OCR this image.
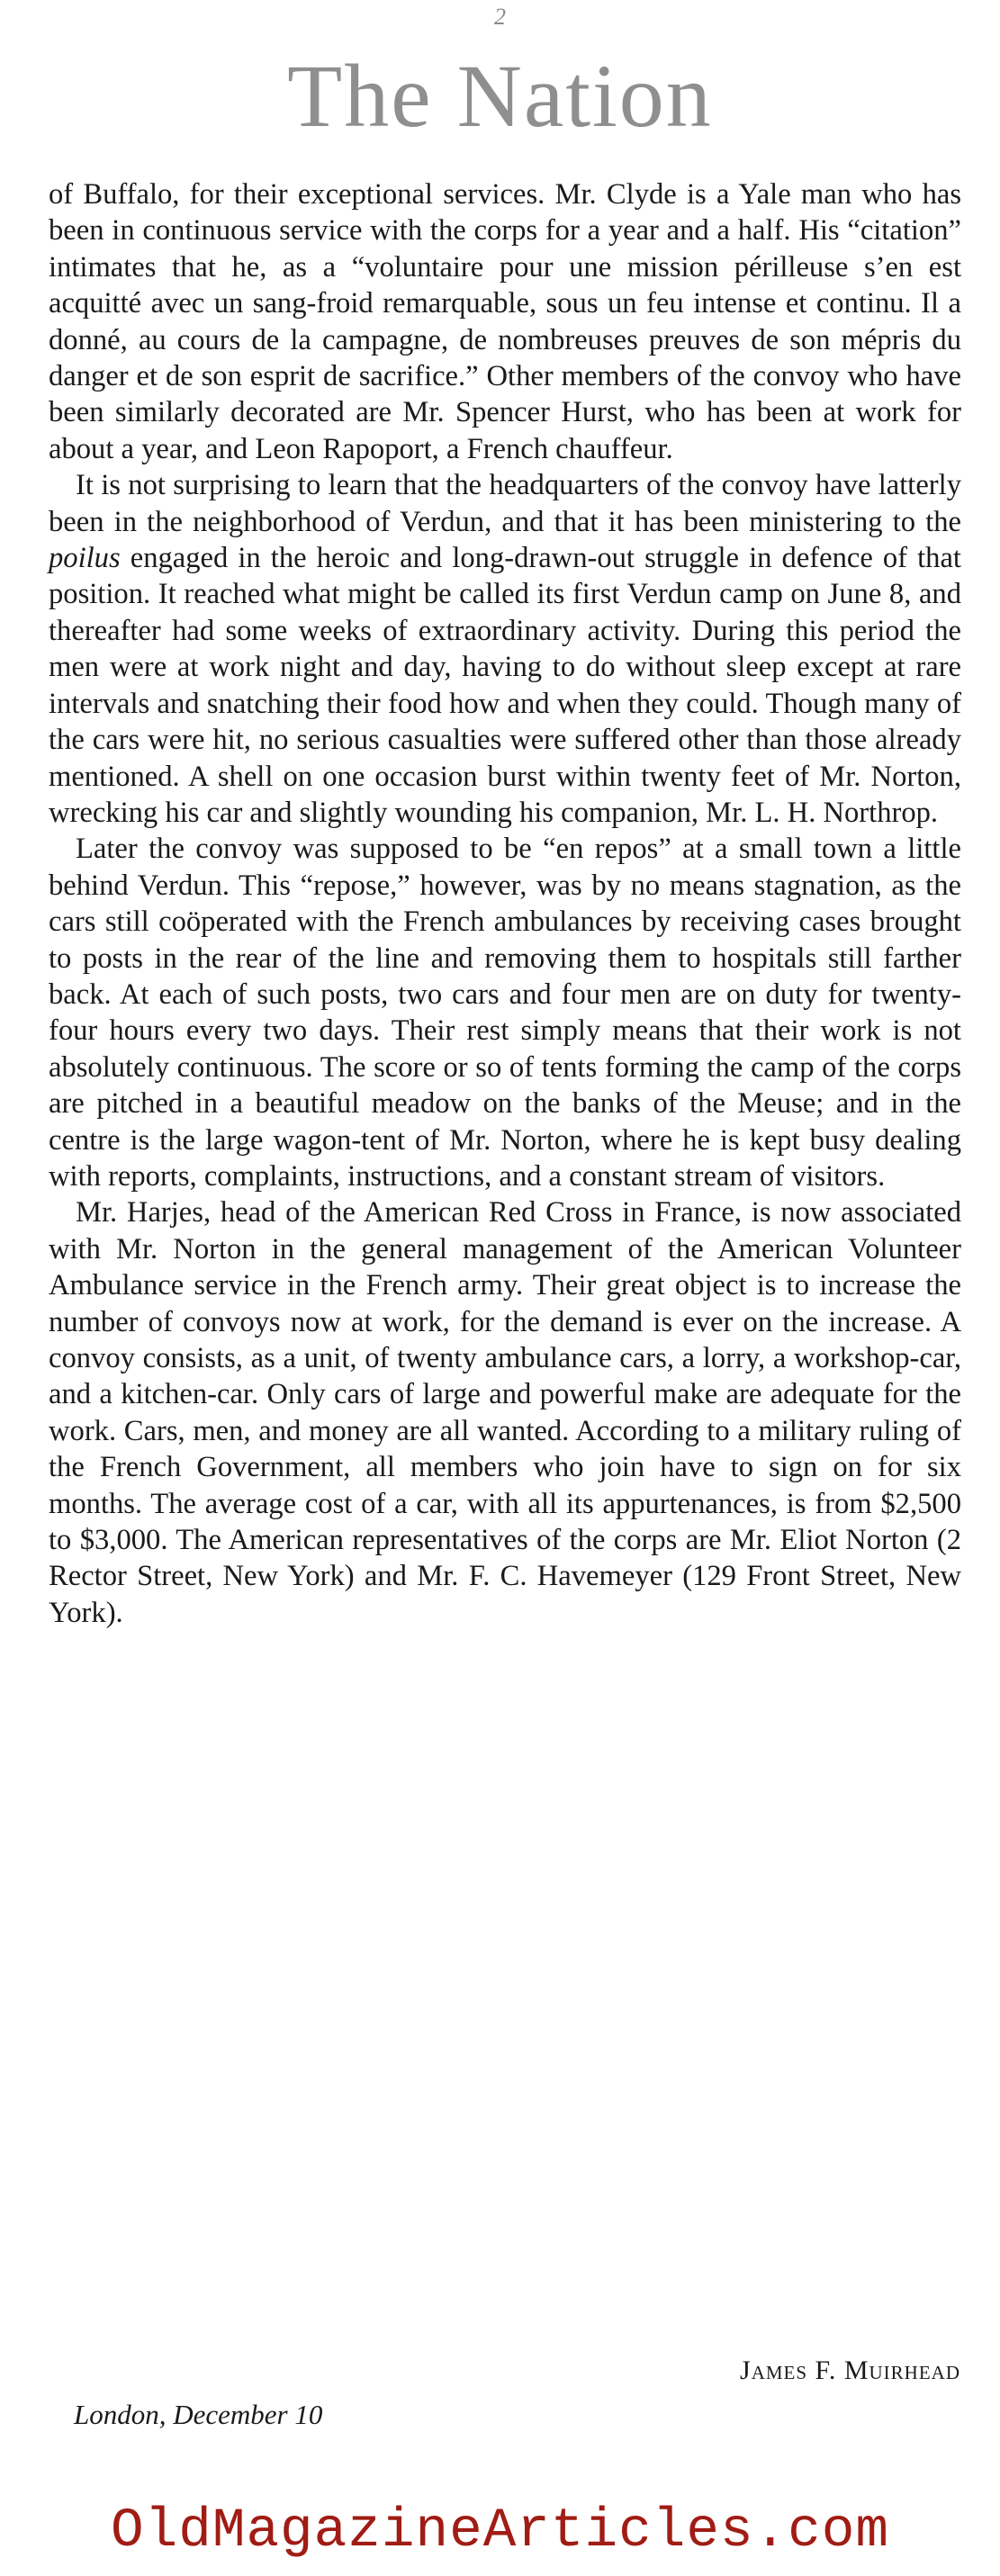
2
The Nation

of Buffalo, for their exceptional services. Mr. Clyde is a Yale man who has been in continuous service with the corps for a year and a half. His “citation” intimates that he, as a “voluntaire pour une mission périlleuse s’en est acquitté avec un sang-froid remarquable, sous un feu intense et continu. Il a donné, au cours de la campagne, de nombreuses preuves de son mépris du danger et de son esprit de sacrifice.” Other members of the convoy who have been similarly decorated are Mr. Spencer Hurst, who has been at work for about a year, and Leon Rapoport, a French chauffeur.

It is not surprising to learn that the headquarters of the convoy have latterly been in the neighborhood of Verdun, and that it has been ministering to the poilus engaged in the heroic and long-drawn-out struggle in defence of that position. It reached what might be called its first Verdun camp on June 8, and thereafter had some weeks of extraordinary activity. During this period the men were at work night and day, having to do without sleep except at rare intervals and snatching their food how and when they could. Though many of the cars were hit, no serious casualties were suffered other than those already mentioned. A shell on one occasion burst within twenty feet of Mr. Norton, wrecking his car and slightly wounding his companion, Mr. L. H. Northrop.

Later the convoy was supposed to be “en repos” at a small town a little behind Verdun. This “repose,” however, was by no means stagnation, as the cars still coöperated with the French ambulances by receiving cases brought to posts in the rear of the line and removing them to hospitals still farther back. At each of such posts, two cars and four men are on duty for twenty-four hours every two days. Their rest simply means that their work is not absolutely continuous. The score or so of tents forming the camp of the corps are pitched in a beautiful meadow on the banks of the Meuse; and in the centre is the large wagon-tent of Mr. Norton, where he is kept busy dealing with reports, complaints, instructions, and a constant stream of visitors.

Mr. Harjes, head of the American Red Cross in France, is now associated with Mr. Norton in the general management of the American Volunteer Ambulance service in the French army. Their great object is to increase the number of convoys now at work, for the demand is ever on the increase. A convoy consists, as a unit, of twenty ambulance cars, a lorry, a workshop-car, and a kitchen-car. Only cars of large and powerful make are adequate for the work. Cars, men, and money are all wanted. According to a military ruling of the French Government, all members who join have to sign on for six months. The average cost of a car, with all its appurtenances, is from $2,500 to $3,000. The American representatives of the corps are Mr. Eliot Norton (2 Rector Street, New York) and Mr. F. C. Havemeyer (129 Front Street, New York).

James F. Muirhead
London, December 10
OldMagazineArticles.com
